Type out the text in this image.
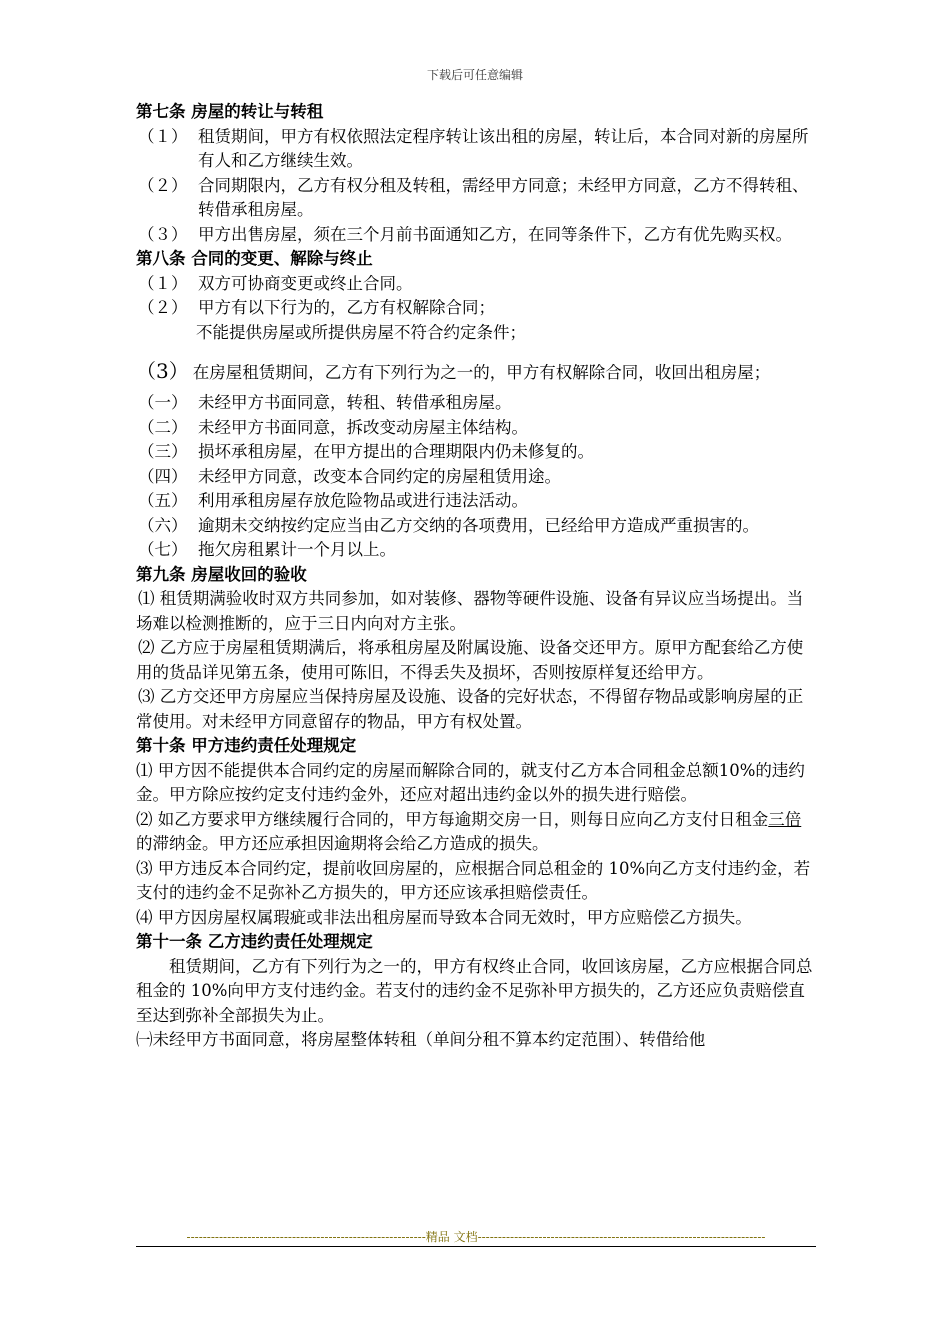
下载后可任意编辑
第七条 房屋的转让与转租
（１） 租赁期间，甲方有权依照法定程序转让该出租的房屋，转让后，本合同对新的房屋所有人和乙方继续生效。
（２） 合同期限内，乙方有权分租及转租，需经甲方同意；未经甲方同意，乙方不得转租、转借承租房屋。
（３） 甲方出售房屋，须在三个月前书面通知乙方，在同等条件下，乙方有优先购买权。
第八条 合同的变更、解除与终止
（１） 双方可协商变更或终止合同。
（２） 甲方有以下行为的，乙方有权解除合同；
不能提供房屋或所提供房屋不符合约定条件；
（3） 在房屋租赁期间，乙方有下列行为之一的，甲方有权解除合同，收回出租房屋；
（一） 未经甲方书面同意，转租、转借承租房屋。
（二） 未经甲方书面同意，拆改变动房屋主体结构。
（三） 损坏承租房屋，在甲方提出的合理期限内仍未修复的。
（四） 未经甲方同意，改变本合同约定的房屋租赁用途。
（五） 利用承租房屋存放危险物品或进行违法活动。
（六） 逾期未交纳按约定应当由乙方交纳的各项费用，已经给甲方造成严重损害的。
（七） 拖欠房租累计一个月以上。
第九条 房屋收回的验收
⑴ 租赁期满验收时双方共同参加，如对装修、器物等硬件设施、设备有异议应当场提出。当场难以检测推断的，应于三日内向对方主张。
⑵ 乙方应于房屋租赁期满后，将承租房屋及附属设施、设备交还甲方。原甲方配套给乙方使用的货品详见第五条，使用可陈旧，不得丢失及损坏，否则按原样复还给甲方。
⑶ 乙方交还甲方房屋应当保持房屋及设施、设备的完好状态，不得留存物品或影响房屋的正常使用。对未经甲方同意留存的物品，甲方有权处置。
第十条 甲方违约责任处理规定
⑴ 甲方因不能提供本合同约定的房屋而解除合同的，就支付乙方本合同租金总额10%的违约金。甲方除应按约定支付违约金外，还应对超出违约金以外的损失进行赔偿。
⑵ 如乙方要求甲方继续履行合同的，甲方每逾期交房一日，则每日应向乙方支付日租金三倍的滞纳金。甲方还应承担因逾期将会给乙方造成的损失。
⑶ 甲方违反本合同约定，提前收回房屋的，应根据合同总租金的 10%向乙方支付违约金，若支付的违约金不足弥补乙方损失的，甲方还应该承担赔偿责任。
⑷ 甲方因房屋权属瑕疵或非法出租房屋而导致本合同无效时，甲方应赔偿乙方损失。
第十一条 乙方违约责任处理规定
租赁期间，乙方有下列行为之一的，甲方有权终止合同，收回该房屋，乙方应根据合同总租金的 10%向甲方支付违约金。若支付的违约金不足弥补甲方损失的，乙方还应负责赔偿直至达到弥补全部损失为止。
㈠未经甲方书面同意，将房屋整体转租（单间分租不算本约定范围）、转借给他
-----------------------------------------------------------精品 文档-----------------------------------------------------------------------
